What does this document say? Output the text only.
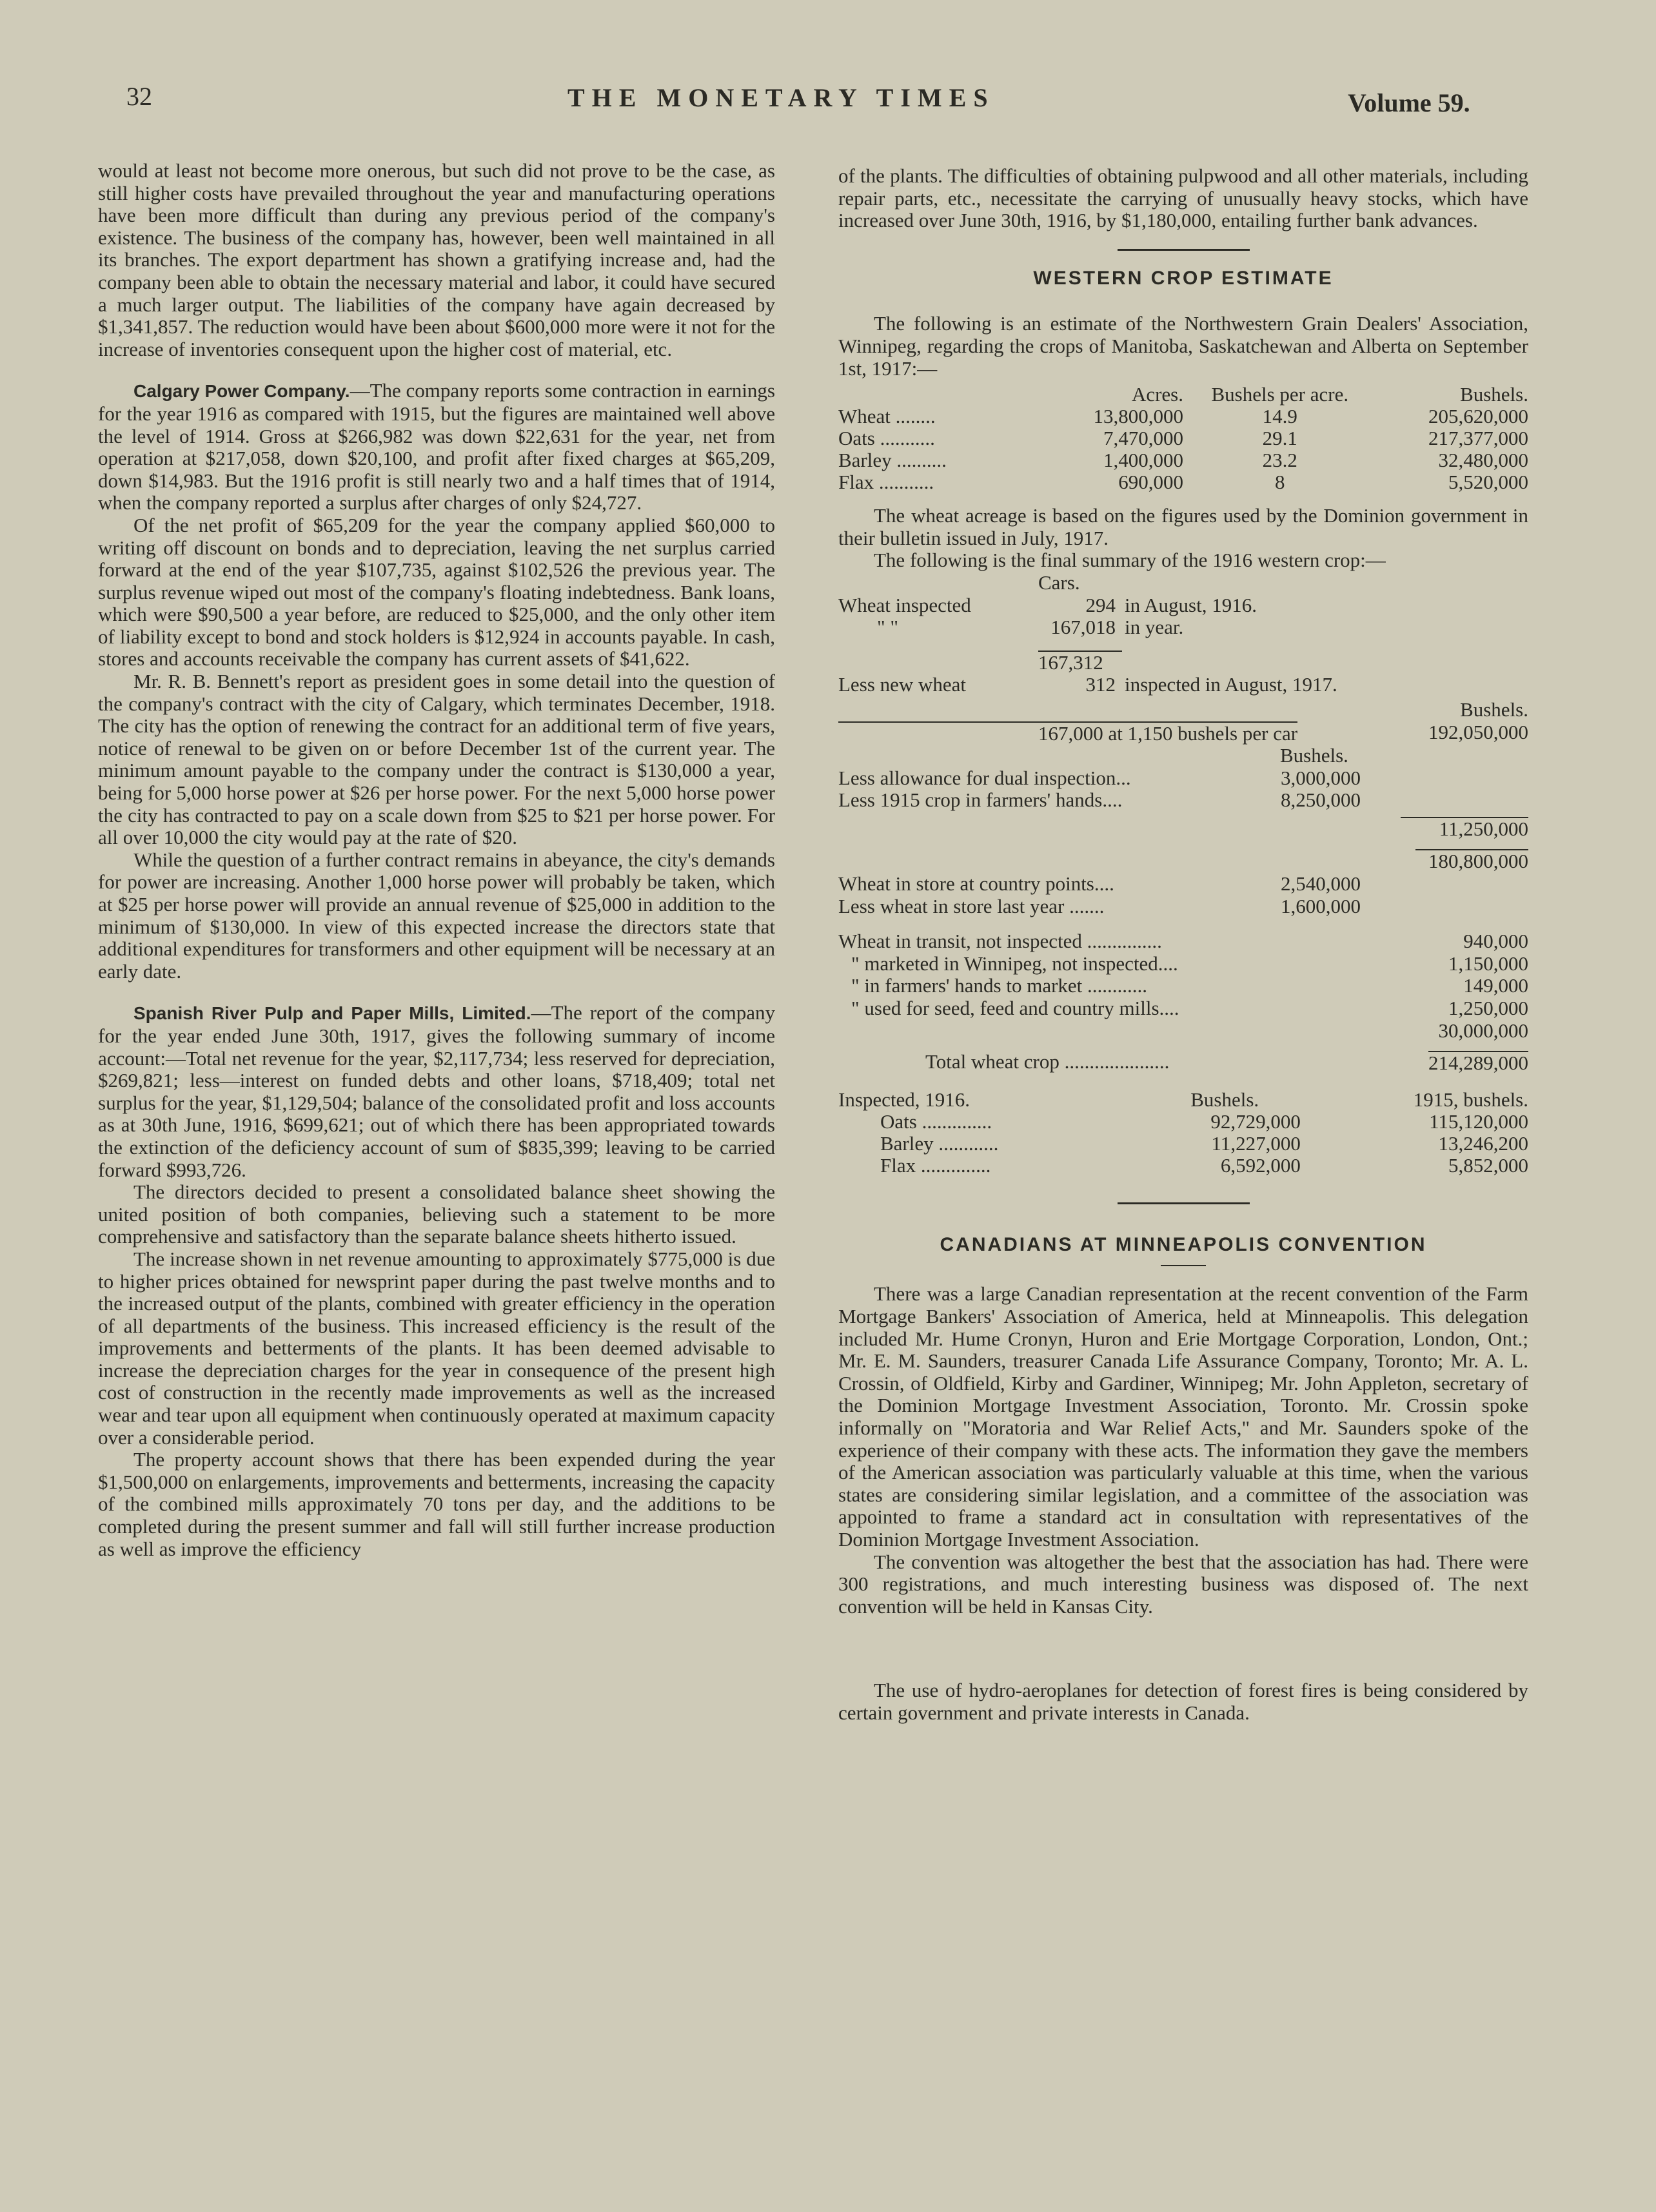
32	THE MONETARY TIMES	Volume 59.

would at least not become more onerous, but such did not prove to be the case, as still higher costs have prevailed throughout the year and manufacturing operations have been more difficult than during any previous period of the company's existence. The business of the company has, however, been well maintained in all its branches. The export department has shown a gratifying increase and, had the company been able to obtain the necessary material and labor, it could have secured a much larger output. The liabilities of the company have again decreased by $1,341,857. The reduction would have been about $600,000 more were it not for the increase of inventories consequent upon the higher cost of material, etc.

Calgary Power Company.—The company reports some contraction in earnings for the year 1916 as compared with 1915, but the figures are maintained well above the level of 1914. Gross at $266,982 was down $22,631 for the year, net from operation at $217,058, down $20,100, and profit after fixed charges at $65,209, down $14,983. But the 1916 profit is still nearly two and a half times that of 1914, when the company reported a surplus after charges of only $24,727.

Of the net profit of $65,209 for the year the company applied $60,000 to writing off discount on bonds and to depreciation, leaving the net surplus carried forward at the end of the year $107,735, against $102,526 the previous year. The surplus revenue wiped out most of the company's floating indebtedness. Bank loans, which were $90,500 a year before, are reduced to $25,000, and the only other item of liability except to bond and stock holders is $12,924 in accounts payable. In cash, stores and accounts receivable the company has current assets of $41,622.

Mr. R. B. Bennett's report as president goes in some detail into the question of the company's contract with the city of Calgary, which terminates December, 1918. The city has the option of renewing the contract for an additional term of five years, notice of renewal to be given on or before December 1st of the current year. The minimum amount payable to the company under the contract is $130,000 a year, being for 5,000 horse power at $26 per horse power. For the next 5,000 horse power the city has contracted to pay on a scale down from $25 to $21 per horse power. For all over 10,000 the city would pay at the rate of $20.

While the question of a further contract remains in abeyance, the city's demands for power are increasing. Another 1,000 horse power will probably be taken, which at $25 per horse power will provide an annual revenue of $25,000 in addition to the minimum of $130,000. In view of this expected increase the directors state that additional expenditures for transformers and other equipment will be necessary at an early date.

Spanish River Pulp and Paper Mills, Limited.—The report of the company for the year ended June 30th, 1917, gives the following summary of income account:—Total net revenue for the year, $2,117,734; less reserved for depreciation, $269,821; less—interest on funded debts and other loans, $718,409; total net surplus for the year, $1,129,504; balance of the consolidated profit and loss accounts as at 30th June, 1916, $699,621; out of which there has been appropriated towards the extinction of the deficiency account of sum of $835,399; leaving to be carried forward $993,726.

The directors decided to present a consolidated balance sheet showing the united position of both companies, believing such a statement to be more comprehensive and satisfactory than the separate balance sheets hitherto issued.

The increase shown in net revenue amounting to approximately $775,000 is due to higher prices obtained for newsprint paper during the past twelve months and to the increased output of the plants, combined with greater efficiency in the operation of all departments of the business. This increased efficiency is the result of the improvements and betterments of the plants. It has been deemed advisable to increase the depreciation charges for the year in consequence of the present high cost of construction in the recently made improvements as well as the increased wear and tear upon all equipment when continuously operated at maximum capacity over a considerable period.

The property account shows that there has been expended during the year $1,500,000 on enlargements, improvements and betterments, increasing the capacity of the combined mills approximately 70 tons per day, and the additions to be completed during the present summer and fall will still further increase production as well as improve the efficiency

of the plants. The difficulties of obtaining pulpwood and all other materials, including repair parts, etc., necessitate the carrying of unusually heavy stocks, which have increased over June 30th, 1916, by $1,180,000, entailing further bank advances.

WESTERN CROP ESTIMATE

The following is an estimate of the Northwestern Grain Dealers' Association, Winnipeg, regarding the crops of Manitoba, Saskatchewan and Alberta on September 1st, 1917:—

	Acres.	Bushels per acre.	Bushels.
Wheat ........	13,800,000	14.9	205,620,000
Oats ...........	7,470,000	29.1	217,377,000
Barley ..........	1,400,000	23.2	32,480,000
Flax ...........	690,000	8	5,520,000

The wheat acreage is based on the figures used by the Dominion government in their bulletin issued in July, 1917.

The following is the final summary of the 1916 western crop:—

Cars.
Wheat inspected	294 in August, 1916.
" "	167,018 in year.
167,312
Less new wheat	312 inspected in August, 1917.
Bushels.
167,000 at 1,150 bushels per car	192,050,000
Bushels.
Less allowance for dual inspection...	3,000,000
Less 1915 crop in farmers' hands....	8,250,000
11,250,000
180,800,000
Wheat in store at country points....	2,540,000
Less wheat in store last year .......	1,600,000
Wheat in transit, not inspected ...............	940,000
" marketed in Winnipeg, not inspected....	1,150,000
" in farmers' hands to market ............	149,000
" used for seed, feed and country mills....	1,250,000
30,000,000
Total wheat crop .....................	214,289,000
Inspected, 1916.	Bushels.	1915, bushels.
Oats ..............	92,729,000	115,120,000
Barley ............	11,227,000	13,246,200
Flax ..............	6,592,000	5,852,000
CANADIANS AT MINNEAPOLIS CONVENTION

There was a large Canadian representation at the recent convention of the Farm Mortgage Bankers' Association of America, held at Minneapolis. This delegation included Mr. Hume Cronyn, Huron and Erie Mortgage Corporation, London, Ont.; Mr. E. M. Saunders, treasurer Canada Life Assurance Company, Toronto; Mr. A. L. Crossin, of Oldfield, Kirby and Gardiner, Winnipeg; Mr. John Appleton, secretary of the Dominion Mortgage Investment Association, Toronto. Mr. Crossin spoke informally on "Moratoria and War Relief Acts," and Mr. Saunders spoke of the experience of their company with these acts. The information they gave the members of the American association was particularly valuable at this time, when the various states are considering similar legislation, and a committee of the association was appointed to frame a standard act in consultation with representatives of the Dominion Mortgage Investment Association.

The convention was altogether the best that the association has had. There were 300 registrations, and much interesting business was disposed of. The next convention will be held in Kansas City.

The use of hydro-aeroplanes for detection of forest fires is being considered by certain government and private interests in Canada.
